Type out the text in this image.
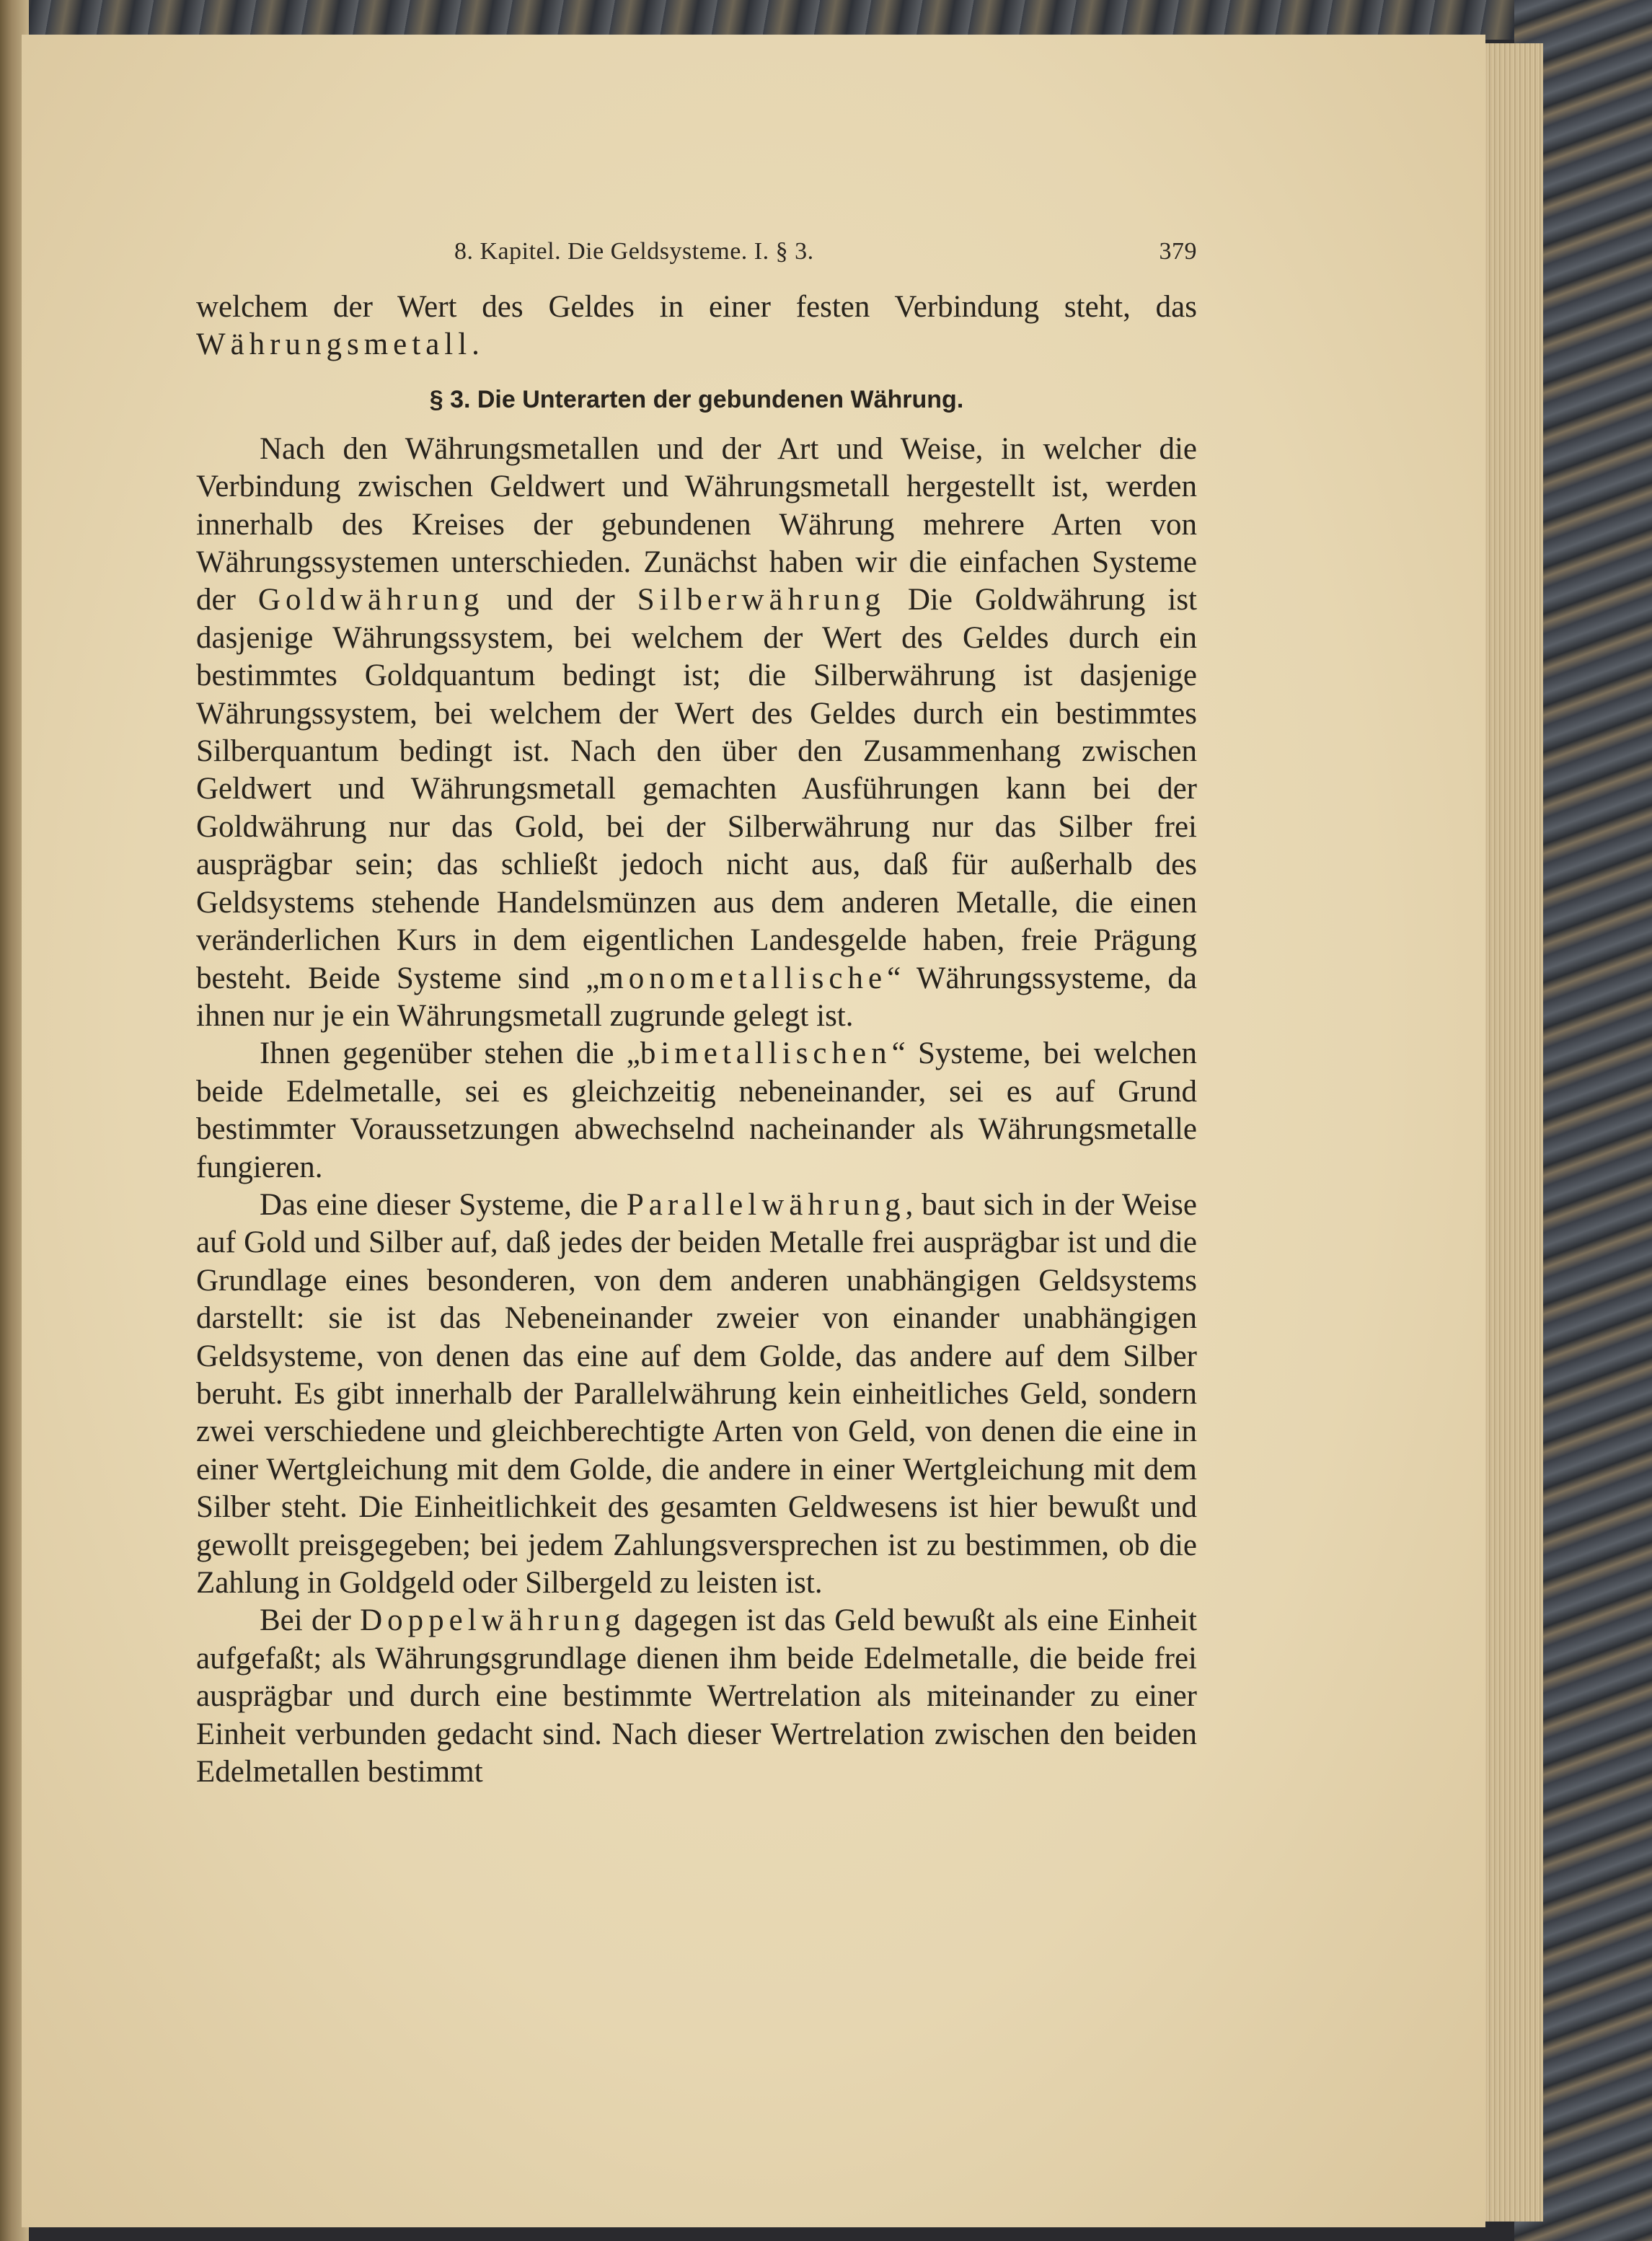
8. Kapitel. Die Geldsysteme. I. § 3.	379

welchem der Wert des Geldes in einer festen Verbindung steht, das Währungsmetall.

§ 3. Die Unterarten der gebundenen Währung.

Nach den Währungsmetallen und der Art und Weise, in welcher die Verbindung zwischen Geldwert und Währungsmetall hergestellt ist, werden innerhalb des Kreises der gebundenen Währung mehrere Arten von Währungssystemen unterschieden. Zunächst haben wir die einfachen Systeme der Goldwährung und der Silberwährung Die Goldwährung ist dasjenige Währungssystem, bei welchem der Wert des Geldes durch ein bestimmtes Goldquantum bedingt ist; die Silberwährung ist dasjenige Währungssystem, bei welchem der Wert des Geldes durch ein bestimmtes Silberquantum bedingt ist. Nach den über den Zusammenhang zwischen Geldwert und Währungsmetall gemachten Ausführungen kann bei der Goldwährung nur das Gold, bei der Silberwährung nur das Silber frei ausprägbar sein; das schließt jedoch nicht aus, daß für außerhalb des Geldsystems stehende Handelsmünzen aus dem anderen Metalle, die einen veränderlichen Kurs in dem eigentlichen Landesgelde haben, freie Prägung besteht. Beide Systeme sind „monometallische“ Währungssysteme, da ihnen nur je ein Währungsmetall zugrunde gelegt ist.

Ihnen gegenüber stehen die „bimetallischen“ Systeme, bei welchen beide Edelmetalle, sei es gleichzeitig nebeneinander, sei es auf Grund bestimmter Voraussetzungen abwechselnd nacheinander als Währungsmetalle fungieren.

Das eine dieser Systeme, die Parallelwährung, baut sich in der Weise auf Gold und Silber auf, daß jedes der beiden Metalle frei ausprägbar ist und die Grundlage eines besonderen, von dem anderen unabhängigen Geldsystems darstellt: sie ist das Nebeneinander zweier von einander unabhängigen Geldsysteme, von denen das eine auf dem Golde, das andere auf dem Silber beruht. Es gibt innerhalb der Parallelwährung kein einheitliches Geld, sondern zwei verschiedene und gleichberechtigte Arten von Geld, von denen die eine in einer Wertgleichung mit dem Golde, die andere in einer Wertgleichung mit dem Silber steht. Die Einheitlichkeit des gesamten Geldwesens ist hier bewußt und gewollt preisgegeben; bei jedem Zahlungsversprechen ist zu bestimmen, ob die Zahlung in Goldgeld oder Silbergeld zu leisten ist.

Bei der Doppelwährung dagegen ist das Geld bewußt als eine Einheit aufgefaßt; als Währungsgrundlage dienen ihm beide Edelmetalle, die beide frei ausprägbar und durch eine bestimmte Wertrelation als miteinander zu einer Einheit verbunden gedacht sind. Nach dieser Wertrelation zwischen den beiden Edelmetallen bestimmt
